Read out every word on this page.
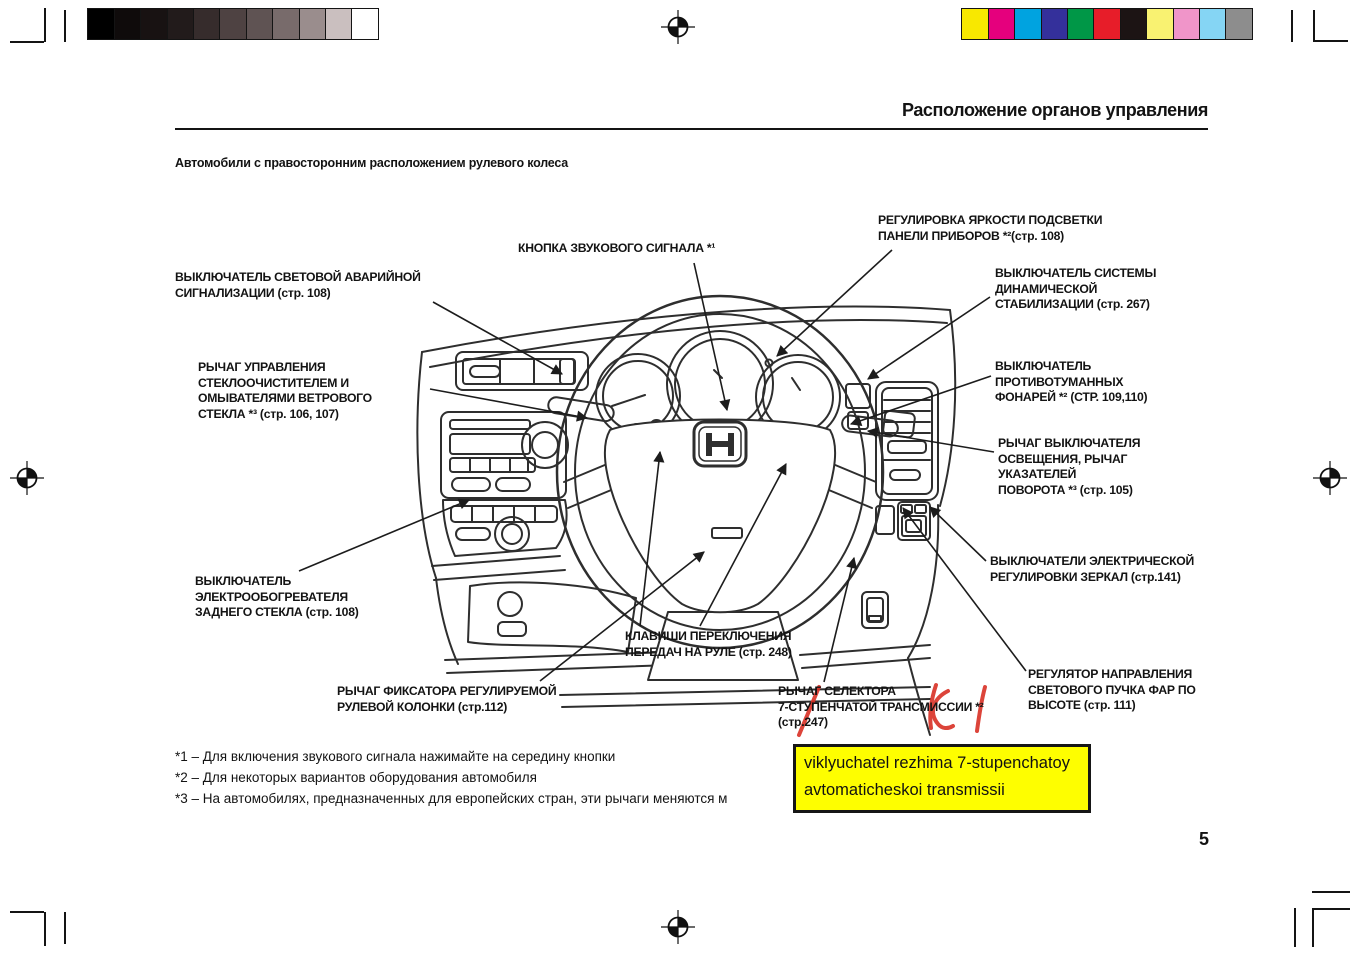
Расположение органов управления
Автомобили с правосторонним расположением рулевого колеса
ВЫКЛЮЧАТЕЛЬ СВЕТОВОЙ АВАРИЙНОЙ
СИГНАЛИЗАЦИИ (стр. 108)
КНОПКА ЗВУКОВОГО СИГНАЛА *¹
РЕГУЛИРОВКА ЯРКОСТИ ПОДСВЕТКИ
ПАНЕЛИ ПРИБОРОВ *²(стр. 108)
ВЫКЛЮЧАТЕЛЬ СИСТЕМЫ
ДИНАМИЧЕСКОЙ
СТАБИЛИЗАЦИИ (стр. 267)
РЫЧАГ УПРАВЛЕНИЯ
СТЕКЛООЧИСТИТЕЛЕМ И
ОМЫВАТЕЛЯМИ ВЕТРОВОГО
СТЕКЛА *³ (стр. 106, 107)
ВЫКЛЮЧАТЕЛЬ
ПРОТИВОТУМАННЫХ
ФОНАРЕЙ *² (СТР. 109,110)
РЫЧАГ ВЫКЛЮЧАТЕЛЯ
ОСВЕЩЕНИЯ, РЫЧАГ
УКАЗАТЕЛЕЙ
ПОВОРОТА *³ (стр. 105)
ВЫКЛЮЧАТЕЛИ ЭЛЕКТРИЧЕСКОЙ
РЕГУЛИРОВКИ ЗЕРКАЛ (стр.141)
ВЫКЛЮЧАТЕЛЬ
ЭЛЕКТРООБОГРЕВАТЕЛЯ
ЗАДНЕГО СТЕКЛА (стр. 108)
КЛАВИШИ ПЕРЕКЛЮЧЕНИЯ
ПЕРЕДАЧ НА РУЛЕ (стр. 248)
РЫЧАГ ФИКСАТОРА РЕГУЛИРУЕМОЙ
РУЛЕВОЙ КОЛОНКИ (стр.112)
РЫЧАГ СЕЛЕКТОРА
7-СТУПЕНЧАТОЙ ТРАНСМИССИИ *²
(стр.247)
РЕГУЛЯТОР НАПРАВЛЕНИЯ
СВЕТОВОГО ПУЧКА ФАР ПО
ВЫСОТЕ (стр. 111)
*1 – Для включения звукового сигнала нажимайте на середину кнопки
*2 – Для некоторых вариантов оборудования автомобиля
*3 – На автомобилях, предназначенных для европейских стран, эти рычаги меняются м
viklyuchatel rezhima 7-stupenchatoy
avtomaticheskoi transmissii
5
